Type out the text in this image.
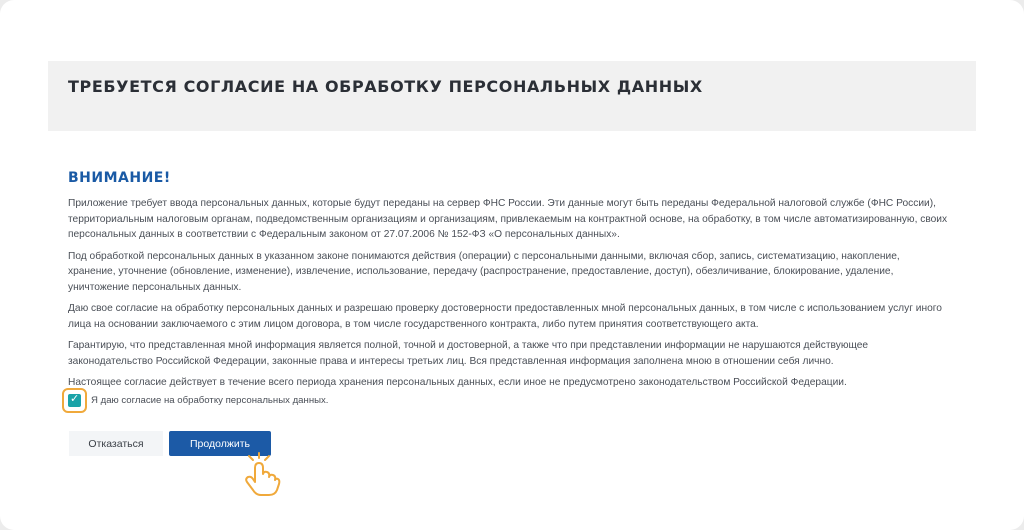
ТРЕБУЕТСЯ СОГЛАСИЕ НА ОБРАБОТКУ ПЕРСОНАЛЬНЫХ ДАННЫХ
ВНИМАНИЕ!

Приложение требует ввода персональных данных, которые будут переданы на сервер ФНС России. Эти данные могут быть переданы Федеральной налоговой службе (ФНС России), территориальным налоговым органам, подведомственным организациям и организациям, привлекаемым на контрактной основе, на обработку, в том числе автоматизированную, своих персональных данных в соответствии с Федеральным законом от 27.07.2006 № 152-ФЗ «О персональных данных».

Под обработкой персональных данных в указанном законе понимаются действия (операции) с персональными данными, включая сбор, запись, систематизацию, накопление, хранение, уточнение (обновление, изменение), извлечение, использование, передачу (распространение, предоставление, доступ), обезличивание, блокирование, удаление, уничтожение персональных данных.

Даю свое согласие на обработку персональных данных и разрешаю проверку достоверности предоставленных мной персональных данных, в том числе с использованием услуг иного лица на основании заключаемого с этим лицом договора, в том числе государственного контракта, либо путем принятия соответствующего акта.

Гарантирую, что представленная мной информация является полной, точной и достоверной, а также что при представлении информации не нарушаются действующее законодательство Российской Федерации, законные права и интересы третьих лиц. Вся представленная информация заполнена мною в отношении себя лично.

Настоящее согласие действует в течение всего периода хранения персональных данных, если иное не предусмотрено законодательством Российской Федерации.

✓ Я даю согласие на обработку персональных данных.
Отказаться	Продолжить
